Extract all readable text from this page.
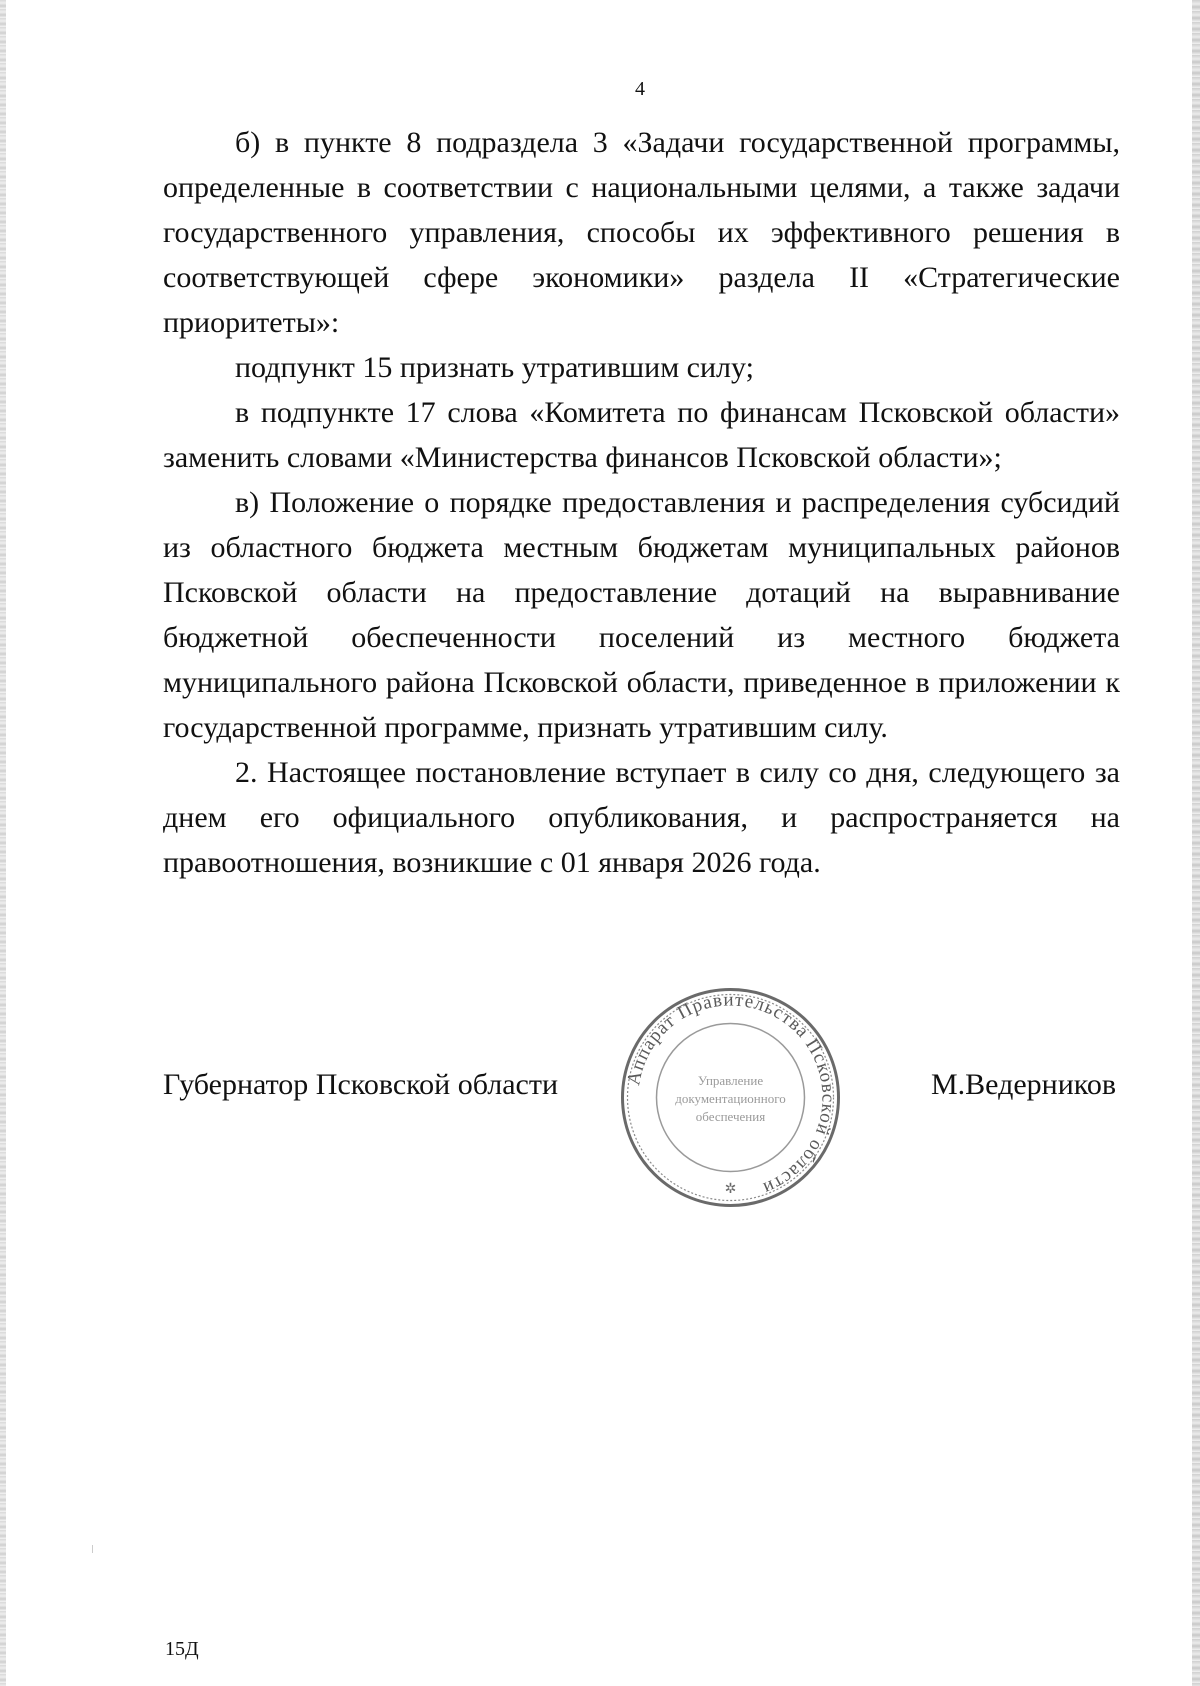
4

б) в пункте 8 подраздела 3 «Задачи государственной программы, определенные в соответствии с национальными целями, а также задачи государственного управления, способы их эффективного решения в соответствующей сфере экономики» раздела II «Стратегические приоритеты»:

подпункт 15 признать утратившим силу;

в подпункте 17 слова «Комитета по финансам Псковской области» заменить словами «Министерства финансов Псковской области»;

в) Положение о порядке предоставления и распределения субсидий из областного бюджета местным бюджетам муниципальных районов Псковской области на предоставление дотаций на выравнивание бюджетной обеспеченности поселений из местного бюджета муниципального района Псковской области, приведенное в приложении к государственной программе, признать утратившим силу.

2. Настоящее постановление вступает в силу со дня, следующего за днем его официального опубликования, и распространяется на правоотношения, возникшие с 01 января 2026 года.

Губернатор Псковской области	М.Ведерников
Аппарат Правительства Псковской области
Управление
документационного
обеспечения
✲
15Д
